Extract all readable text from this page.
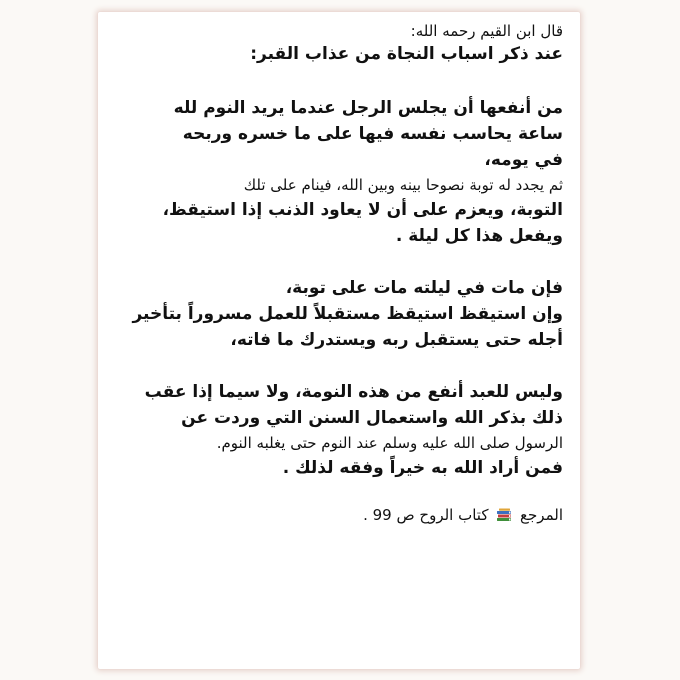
قال ابن القيم رحمه الله:
عند ذكر اسباب النجاة من عذاب القبر:
من أنفعها أن يجلس الرجل عندما يريد النوم لله
ساعة يحاسب نفسه فيها على ما خسره وربحه
في يومه،
ثم يجدد له توبة نصوحا بينه وبين الله، فينام على تلك
التوبة، ويعزم على أن لا يعاود الذنب إذا استيقظ،
ويفعل هذا كل ليلة .
فإن مات في ليلته مات على توبة،
وإن استيقظ استيقظ مستقبلاً للعمل مسروراً بتأخير
أجله حتى يستقبل ربه ويستدرك ما فاته،
وليس للعبد أنفع من هذه النومة، ولا سيما إذا عقب
ذلك بذكر الله واستعمال السنن التي وردت عن
الرسول صلى الله عليه وسلم عند النوم حتى يغلبه النوم.
فمن أراد الله به خيراً وفقه لذلك .
المرجع  كتاب الروح ص 99 .
